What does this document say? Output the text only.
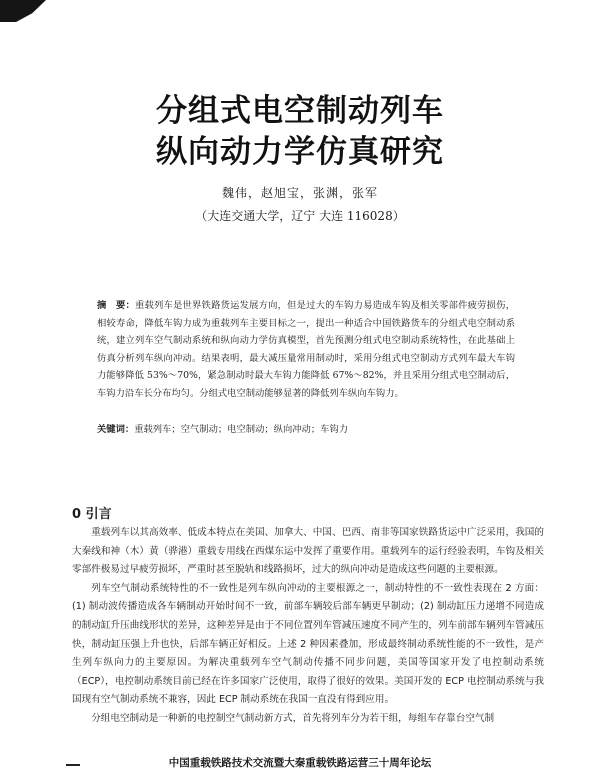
分组式电空制动列车
纵向动力学仿真研究
魏伟，赵旭宝，张渊，张军
（大连交通大学，辽宁 大连 116028）
摘　要：重载列车是世界铁路货运发展方向，但是过大的车钩力易造成车钩及相关零部件疲劳损伤，相较寿命，降低车钩力成为重载列车主要目标之一，提出一种适合中国铁路货车的分组式电空制动系统，建立列车空气制动系统和纵向动力学仿真模型，首先预测分组式电空制动系统特性，在此基础上仿真分析列车纵向冲动。结果表明，最大减压量常用制动时，采用分组式电空制动方式列车最大车钩力能够降低 53%～70%，紧急制动时最大车钩力能降低 67%～82%，并且采用分组式电空制动后，车钩力沿车长分布均匀。分组式电空制动能够显著的降低列车纵向车钩力。
关键词：重载列车；空气制动；电空制动；纵向冲动；车钩力
0 引言

重载列车以其高效率、低成本特点在美国、加拿大、中国、巴西、南非等国家铁路货运中广泛采用，我国的大秦线和神（木）黄（骅港）重载专用线在西煤东运中发挥了重要作用。重载列车的运行经验表明，车钩及相关零部件极易过早疲劳损坏，严重时甚至脱轨和线路损坏，过大的纵向冲动是造成这些问题的主要根源。

列车空气制动系统特性的不一致性是列车纵向冲动的主要根源之一，制动特性的不一致性表现在 2 方面：(1) 制动波传播造成各车辆制动开始时间不一致，前部车辆较后部车辆更早制动；(2) 制动缸压力递增不同造成的制动缸升压曲线形状的差异，这种差异是由于不同位置列车管减压速度不同产生的，列车前部车辆列车管减压快，制动缸压强上升也快，后部车辆正好相反。上述 2 种因素叠加，形成最终制动系统性能的不一致性，是产生列车纵向力的主要原因。为解决重载列车空气制动传播不同步问题，美国等国家开发了电控制动系统（ECP），电控制动系统目前已经在许多国家广泛使用，取得了很好的效果。美国开发的 ECP 电控制动系统与我国现有空气制动系统不兼容，因此 ECP 制动系统在我国一直没有得到应用。

分组电空制动是一种新的电控制空气制动新方式，首先将列车分为若干组，每组车存靠台空气制

中国重载铁路技术交流暨大秦重载铁路运营三十周年论坛
